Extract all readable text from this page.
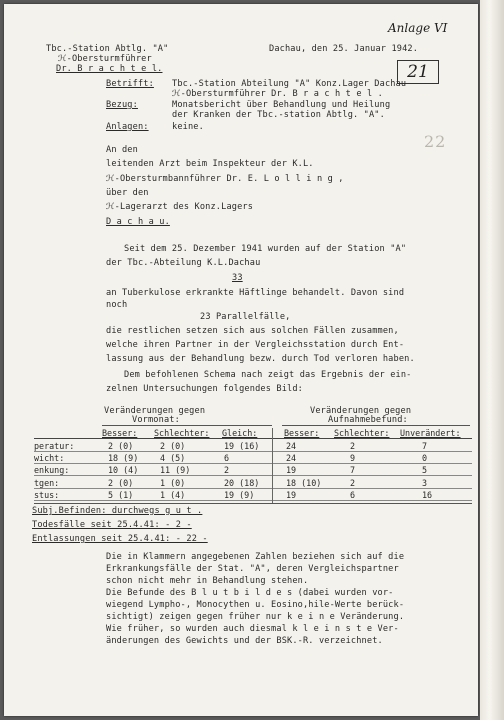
Anlage VI
21
22
Tbc.-Station Abtlg. "A"
ℋ-Obersturmführer
Dr. B r a c h t e l.
Dachau, den 25. Januar 1942.
Betrifft: Tbc.-Station Abteilung "A" Konz.Lager Dachau
ℋ-Obersturmführer Dr. B r a c h t e l .
Bezug:	Monatsbericht über Behandlung und Heilung
der Kranken der Tbc.-station Abtlg. "A".
Anlagen:	keine.
An den
leitenden Arzt beim Inspekteur der K.L.
ℋ-Obersturmbannführer Dr. E. L o l l i n g ,
über den
ℋ-Lagerarzt des Konz.Lagers
D a c h a u.
Seit dem 25. Dezember 1941 wurden auf der Station "A"
der Tbc.-Abteilung K.L.Dachau
33
an Tuberkulose erkrankte Häftlinge behandelt. Davon sind
noch
23 Parallelfälle,
die restlichen setzen sich aus solchen Fällen zusammen,
welche ihren Partner in der Vergleichsstation durch Ent-
lassung aus der Behandlung bezw. durch Tod verloren haben.
Dem befohlenen Schema nach zeigt das Ergebnis der ein-
zelnen Untersuchungen folgendes Bild:
Veränderungen gegen
Vormonat:
Veränderungen gegen
Aufnahmebefund:
Besser: Schlechter: Gleich:	Besser: Schlechter: Unverändert:
peratur:	2 (0)	2 (0)	19 (16)	24	2	7
wicht:	18 (9)	4 (5)	6	24	9	0
enkung:	10 (4)	11 (9)	2	19	7	5
tgen:	2 (0)	1 (0)	20 (18)	18 (10)	2	3
stus:	5 (1)	1 (4)	19 (9)	19	6	16
Subj.Befinden: durchwegs g u t .
Todesfälle seit 25.4.41: - 2 -
Entlassungen seit 25.4.41: - 22 -
Die in Klammern angegebenen Zahlen beziehen sich auf die
Erkrankungsfälle der Stat. "A", deren Vergleichspartner
schon nicht mehr in Behandlung stehen.
Die Befunde des B l u t b i l d e s (dabei wurden vor-
wiegend Lympho-, Monocythen u. Eosino,hile-Werte berück-
sichtigt) zeigen gegen früher nur k e i n e Veränderung.
Wie früher, so wurden auch diesmal k l e i n s t e Ver-
änderungen des Gewichts und der BSK.-R. verzeichnet.
